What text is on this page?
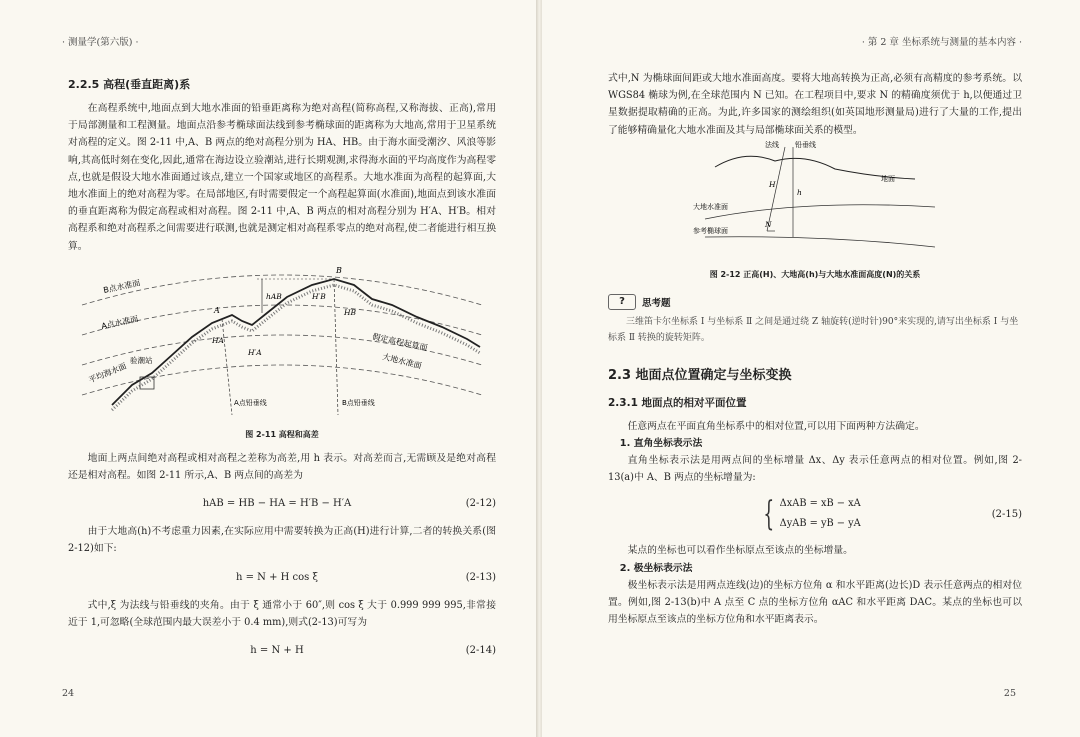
· 测量学(第六版) ·
2.2.5 高程(垂直距离)系

在高程系统中,地面点到大地水准面的铅垂距离称为绝对高程(简称高程,又称海拔、正高),常用于局部测量和工程测量。地面点沿参考椭球面法线到参考椭球面的距离称为大地高,常用于卫星系统对高程的定义。图 2-11 中,A、B 两点的绝对高程分别为 HA、HB。由于海水面受潮汐、风浪等影响,其高低时刻在变化,因此,通常在海边设立验潮站,进行长期观测,求得海水面的平均高度作为高程零点,也就是假设大地水准面通过该点,建立一个国家或地区的高程系。大地水准面为高程的起算面,大地水准面上的绝对高程为零。在局部地区,有时需要假定一个高程起算面(水准面),地面点到该水准面的垂直距离称为假定高程或相对高程。图 2-11 中,A、B 两点的相对高程分别为 H′A、H′B。相对高程系和绝对高程系之间需要进行联测,也就是测定相对高程系零点的绝对高程,使二者能进行相互换算。

B点水准面
A点水准面
验潮站
平均海水面
假定高程起算面
大地水准面
A点铅垂线	B点铅垂线
A
B
hAB
HA
HB
H′A
H′B
图 2-11 高程和高差

地面上两点间绝对高程或相对高程之差称为高差,用 h 表示。对高差而言,无需顾及是绝对高程还是相对高程。如图 2-11 所示,A、B 两点间的高差为

hAB = HB − HA = H′B − H′A	(2-12)

由于大地高(h)不考虑重力因素,在实际应用中需要转换为正高(H)进行计算,二者的转换关系(图 2-12)如下:

h = N + H cos ξ	(2-13)

式中,ξ 为法线与铅垂线的夹角。由于 ξ 通常小于 60″,则 cos ξ 大于 0.999 999 995,非常接近于 1,可忽略(全球范围内最大误差小于 0.4 mm),则式(2-13)可写为

h = N + H	(2-14)
24
· 第 2 章 坐标系统与测量的基本内容 ·

式中,N 为椭球面间距或大地水准面高度。要将大地高转换为正高,必须有高精度的参考系统。以 WGS84 椭球为例,在全球范围内 N 已知。在工程项目中,要求 N 的精确度须优于 h,以便通过卫星数据提取精确的正高。为此,许多国家的测绘组织(如英国地形测量局)进行了大量的工作,提出了能够精确量化大地水准面及其与局部椭球面关系的模型。

法线 铅垂线
地面
大地水准面
参考椭球面
H
h
N
图 2-12 正高(H)、大地高(h)与大地水准面高度(N)的关系
?	思考题

三维笛卡尔坐标系 Ⅰ 与坐标系 Ⅱ 之间是通过绕 Z 轴旋转(逆时针)90°来实现的,请写出坐标系 Ⅰ 与坐标系 Ⅱ 转换的旋转矩阵。

2.3 地面点位置确定与坐标变换
2.3.1 地面点的相对平面位置

任意两点在平面直角坐标系中的相对位置,可以用下面两种方法确定。

1. 直角坐标表示法

直角坐标表示法是用两点间的坐标增量 Δx、Δy 表示任意两点的相对位置。例如,图 2-13(a)中 A、B 两点的坐标增量为:

{ ΔxAB = xB − xA
ΔyAB = yB − yA
(2-15)

某点的坐标也可以看作坐标原点至该点的坐标增量。

2. 极坐标表示法

极坐标表示法是用两点连线(边)的坐标方位角 α 和水平距离(边长)D 表示任意两点的相对位置。例如,图 2-13(b)中 A 点至 C 点的坐标方位角 αAC 和水平距离 DAC。某点的坐标也可以用坐标原点至该点的坐标方位角和水平距离表示。

25
